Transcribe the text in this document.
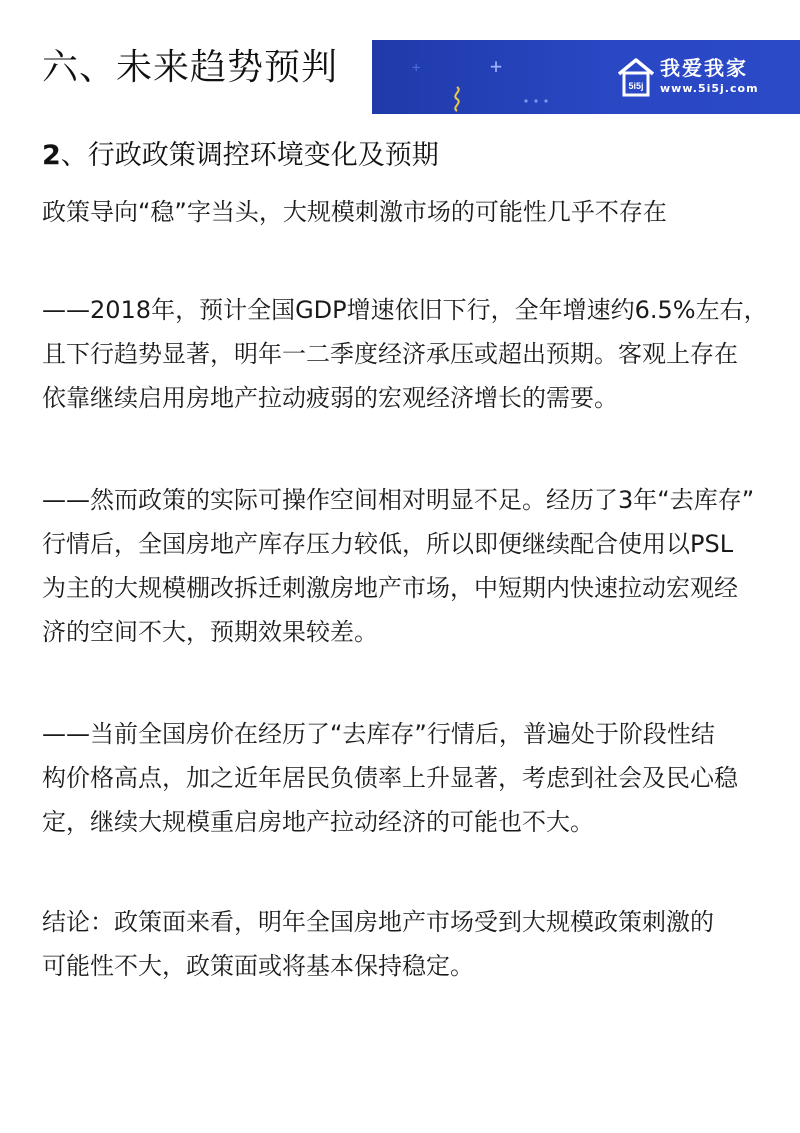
六、未来趋势预判	+
+
5i5j
我爱我家
www.5i5j.com
2、行政政策调控环境变化及预期
政策导向“稳”字当头，大规模刺激市场的可能性几乎不存在
——2018年，预计全国GDP增速依旧下行，全年增速约6.5%左右，
且下行趋势显著，明年一二季度经济承压或超出预期。客观上存在
依靠继续启用房地产拉动疲弱的宏观经济增长的需要。
——然而政策的实际可操作空间相对明显不足。经历了3年“去库存”
行情后，全国房地产库存压力较低，所以即便继续配合使用以PSL
为主的大规模棚改拆迁刺激房地产市场，中短期内快速拉动宏观经
济的空间不大，预期效果较差。
——当前全国房价在经历了“去库存”行情后，普遍处于阶段性结
构价格高点，加之近年居民负债率上升显著，考虑到社会及民心稳
定，继续大规模重启房地产拉动经济的可能也不大。
结论：政策面来看，明年全国房地产市场受到大规模政策刺激的
可能性不大，政策面或将基本保持稳定。
